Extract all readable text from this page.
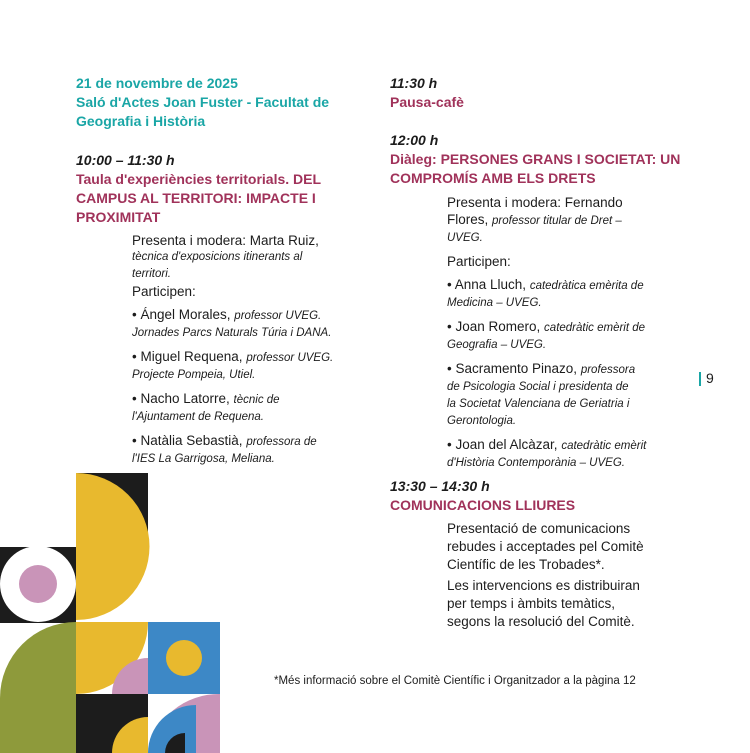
21 de novembre de 2025
Saló d'Actes Joan Fuster - Facultat de
Geografia i Història
10:00 – 11:30 h
Taula d'experiències territorials. DEL
CAMPUS AL TERRITORI: IMPACTE I
PROXIMITAT

Presenta i modera: Marta Ruiz,

tècnica d'exposicions itinerants al

territori.

Participen:

• Ángel Morales, professor UVEG.

Jornades Parcs Naturals Túria i DANA.

• Miguel Requena, professor UVEG.

Projecte Pompeia, Utiel.

• Nacho Latorre, tècnic de

l'Ajuntament de Requena.

• Natàlia Sebastià, professora de

l'IES La Garrigosa, Meliana.

11:30 h
Pausa-cafè
12:00 h
Diàleg: PERSONES GRANS I SOCIETAT: UN
COMPROMÍS AMB ELS DRETS

Presenta i modera: Fernando

Flores, professor titular de Dret –

UVEG.

Participen:

• Anna Lluch, catedràtica emèrita de

Medicina – UVEG.

• Joan Romero, catedràtic emèrit de

Geografia – UVEG.

• Sacramento Pinazo, professora

de Psicologia Social i presidenta de

la Societat Valenciana de Geriatria i

Gerontologia.

• Joan del Alcàzar, catedràtic emèrit

d'Història Contemporània – UVEG.

13:30 – 14:30 h
COMUNICACIONS LLIURES

Presentació de comunicacions

rebudes i acceptades pel Comitè

Científic de les Trobades*.

Les intervencions es distribuiran

per temps i àmbits temàtics,

segons la resolució del Comitè.

9
*Més informació sobre el Comitè Científic i Organitzador a la pàgina 12
